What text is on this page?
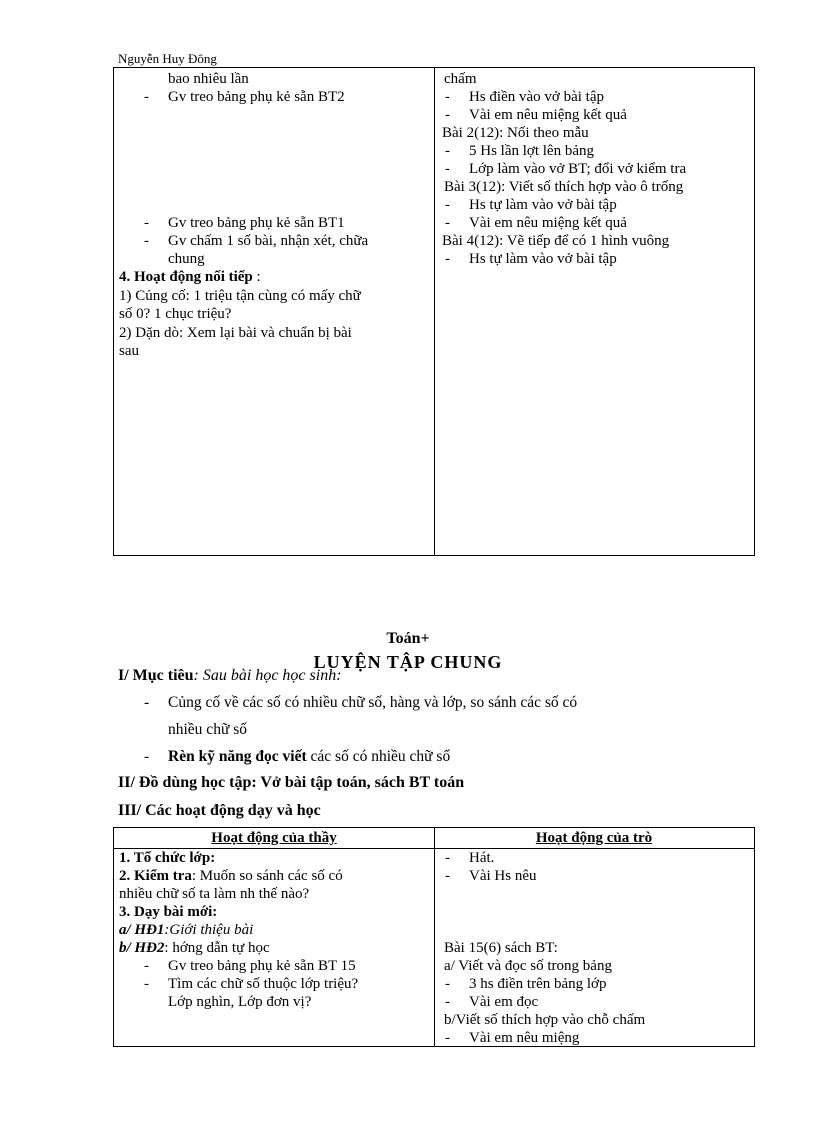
Nguyễn Huy Đông
bao nhiêu lần
- Gv treo bảng phụ kẻ sẵn BT2
- Gv treo bảng phụ kẻ sẵn BT1
- Gv chấm 1 số bài, nhận xét, chữa
chung
4. Hoạt động nối tiếp :
1) Củng cố: 1 triệu tận cùng có mấy chữ
số 0? 1 chục triệu?
2) Dặn dò: Xem lại bài và chuẩn bị bài
sau
chấm
- Hs điền vào vở bài tập
- Vài em nêu miệng kết quả
Bài 2(12): Nối theo mẫu
- 5 Hs lần lợt lên bảng
- Lớp làm vào vở BT; đổi vở kiểm tra
Bài 3(12): Viết số thích hợp vào ô trống
- Hs tự làm vào vở bài tập
- Vài em nêu miệng kết quả
Bài 4(12): Vẽ tiếp để có 1 hình vuông
- Hs tự làm vào vở bài tập
Toán+
LUYỆN TẬP CHUNG
I/ Mục tiêu: Sau bài học học sinh:
- Củng cố về các số có nhiều chữ số, hàng và lớp, so sánh các số có
nhiều chữ số
- Rèn kỹ năng đọc viết các số có nhiều chữ số
II/ Đồ dùng học tập: Vở bài tập toán, sách BT toán
III/ Các hoạt động dạy và học
Hoạt động của thầy	Hoạt động của trò
1. Tổ chức lớp:
2. Kiểm tra: Muốn so sánh các số có
nhiều chữ số ta làm nh thế nào?
3. Dạy bài mới:
a/ HĐ1:Giới thiệu bài
b/ HĐ2: hớng dẫn tự học
- Gv treo bảng phụ kẻ sẵn BT 15
- Tìm các chữ số thuộc lớp triệu?
Lớp nghìn, Lớp đơn vị?
- Hát.
- Vài Hs nêu
Bài 15(6) sách BT:
a/ Viết và đọc số trong bảng
- 3 hs điền trên bảng lớp
- Vài em đọc
b/Viết số thích hợp vào chỗ chấm
- Vài em nêu miệng
